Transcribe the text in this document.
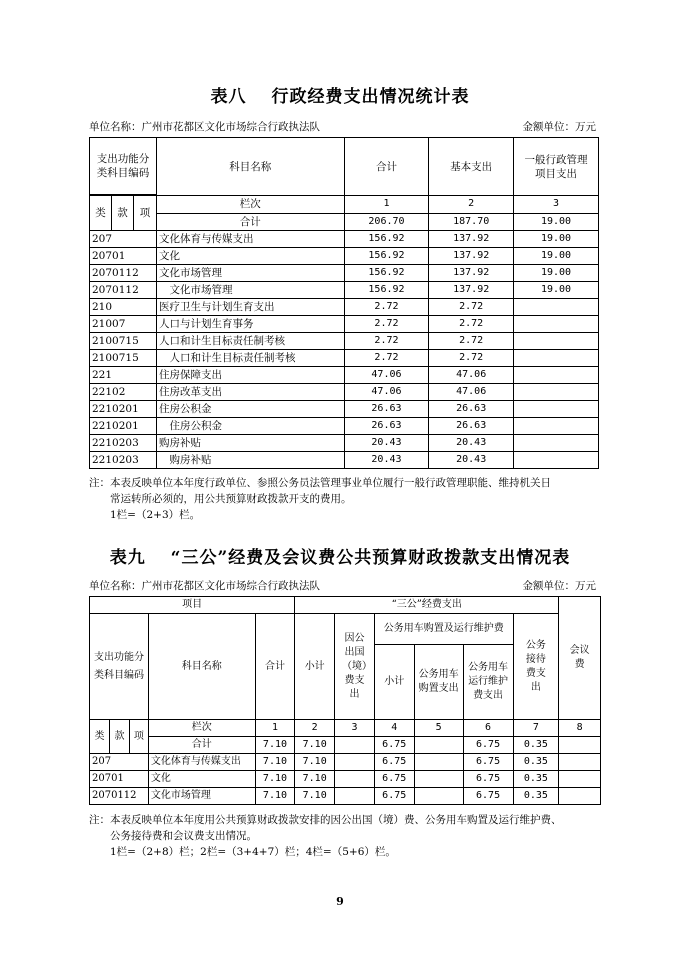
表八　 行政经费支出情况统计表
单位名称：广州市花都区文化市场综合行政执法队	金额单位：万元
支出功能分类科目编码			科目名称	合计	基本支出	一般行政管理项目支出

类	款	项	栏次	1	2	3
			合计	206.70	187.70	19.00
207			文化体育与传媒支出	156.92	137.92	19.00
20701			文化	156.92	137.92	19.00
2070112			文化市场管理	156.92	137.92	19.00
2070112			　文化市场管理	156.92	137.92	19.00
210			医疗卫生与计划生育支出	2.72	2.72	
21007			人口与计划生育事务	2.72	2.72	
2100715			人口和计生目标责任制考核	2.72	2.72	
2100715			　人口和计生目标责任制考核	2.72	2.72	
221			住房保障支出	47.06	47.06	
22102			住房改革支出	47.06	47.06	
2210201			住房公积金	26.63	26.63	
2210201			　住房公积金	26.63	26.63	
2210203			购房补贴	20.43	20.43	
2210203			　购房补贴	20.43	20.43	
注：本表反映单位本年度行政单位、参照公务员法管理事业单位履行一般行政管理职能、维持机关日
　　常运转所必须的，用公共预算财政拨款开支的费用。
　　1栏=（2+3）栏。
表九　 “三公”经费及会议费公共预算财政拨款支出情况表
单位名称：广州市花都区文化市场综合行政执法队	金额单位：万元
项目					“三公”经费支出						会议费

支出功能分类科目编码			科目名称	合计	小计	因公出国（境）费支出	公务用车购置及运行维护费			公务接待费支出	

							小计	公务用车购置支出	公务用车运行维护费支出		

类	款	项	栏次	1	2	3	4	5	6	7	8
			合计	7.10	7.10		6.75		6.75	0.35	
207			文化体育与传媒支出	7.10	7.10		6.75		6.75	0.35	
20701			文化	7.10	7.10		6.75		6.75	0.35	
2070112			文化市场管理	7.10	7.10		6.75		6.75	0.35	
注：本表反映单位本年度用公共预算财政拨款安排的因公出国（境）费、公务用车购置及运行维护费、
　　公务接待费和会议费支出情况。
　　1栏=（2+8）栏；2栏=（3+4+7）栏；4栏=（5+6）栏。
9
